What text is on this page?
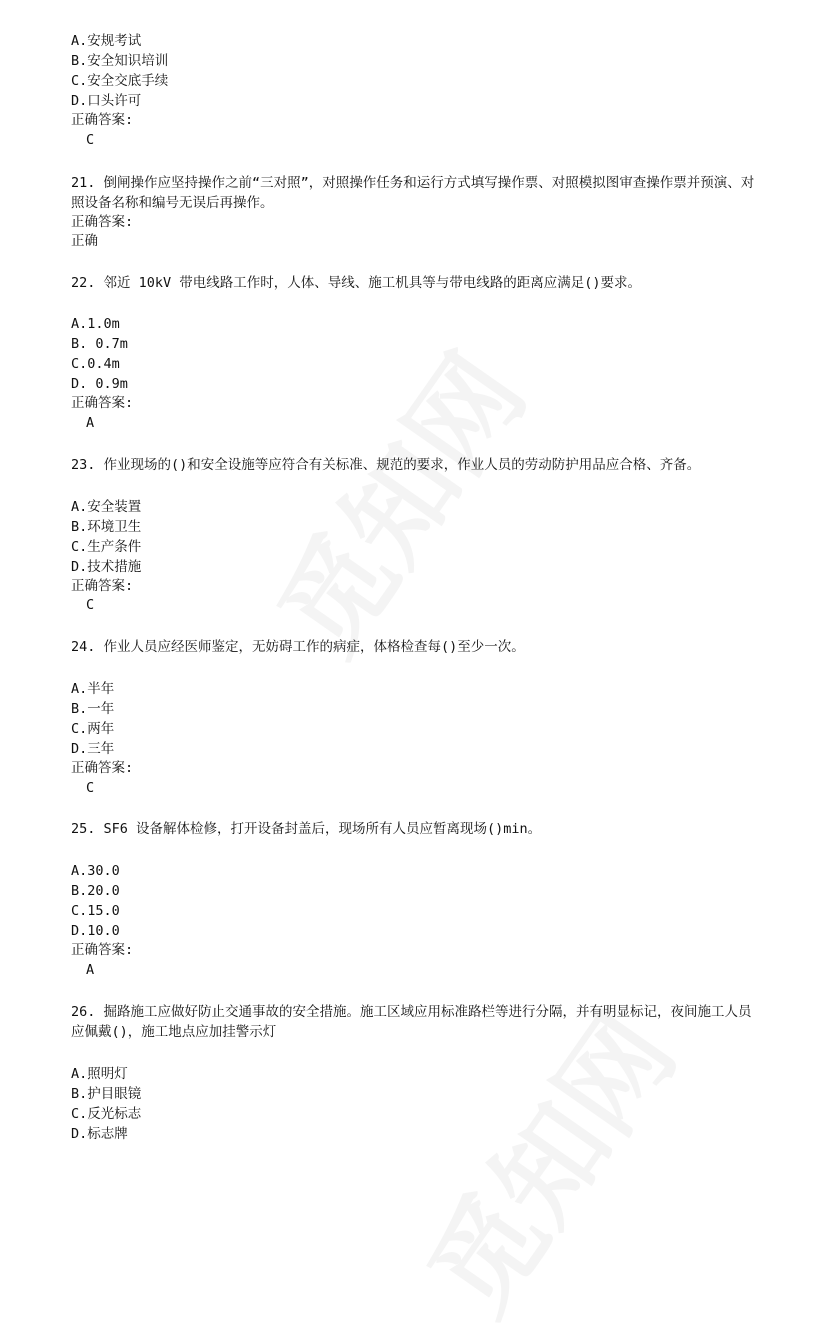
A.安规考试
B.安全知识培训
C.安全交底手续
D.口头许可
正确答案:
C
21. 倒闸操作应坚持操作之前“三对照”，对照操作任务和运行方式填写操作票、对照模拟图审查操作票并预演、对照设备名称和编号无误后再操作。
正确答案:
正确
22. 邻近 10kV 带电线路工作时，人体、导线、施工机具等与带电线路的距离应满足()要求。
A.1.0m
B. 0.7m
C.0.4m
D. 0.9m
正确答案:
A
23. 作业现场的()和安全设施等应符合有关标准、规范的要求，作业人员的劳动防护用品应合格、齐备。
A.安全装置
B.环境卫生
C.生产条件
D.技术措施
正确答案:
C
24. 作业人员应经医师鉴定，无妨碍工作的病症，体格检查每()至少一次。
A.半年
B.一年
C.两年
D.三年
正确答案:
C
25. SF6 设备解体检修，打开设备封盖后，现场所有人员应暂离现场()min。
A.30.0
B.20.0
C.15.0
D.10.0
正确答案:
A
26. 掘路施工应做好防止交通事故的安全措施。施工区域应用标准路栏等进行分隔，并有明显标记，夜间施工人员应佩戴()，施工地点应加挂警示灯
A.照明灯
B.护目眼镜
C.反光标志
D.标志牌
